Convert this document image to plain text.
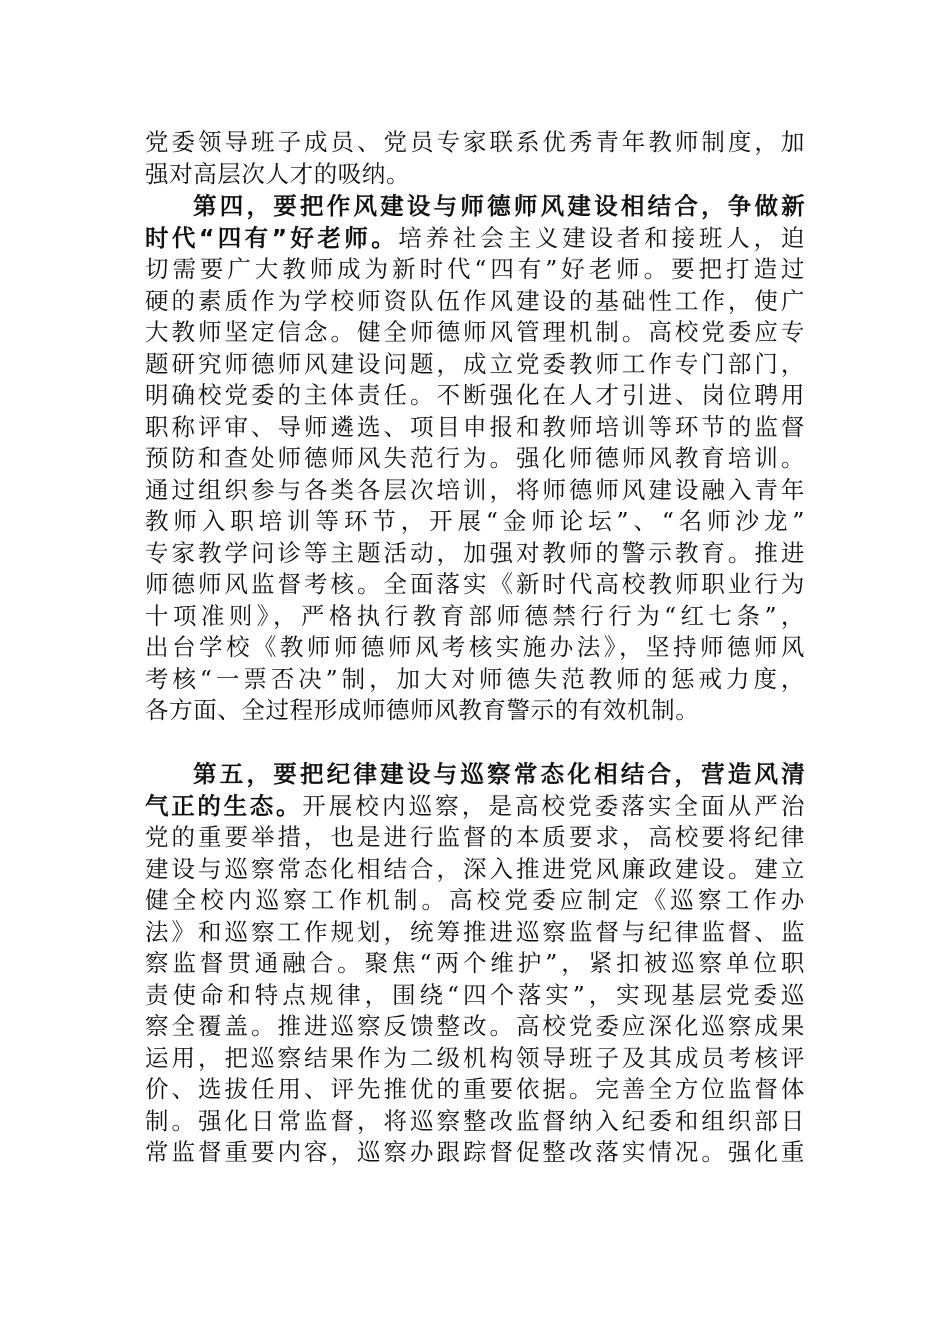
党委领导班子成员、党员专家联系优秀青年教师制度，加
强对高层次人才的吸纳。
第四，要把作风建设与师德师风建设相结合，争做新
时代“四有”好老师。培养社会主义建设者和接班人，迫
切需要广大教师成为新时代“四有”好老师。要把打造过
硬的素质作为学校师资队伍作风建设的基础性工作，使广
大教师坚定信念。健全师德师风管理机制。高校党委应专
题研究师德师风建设问题，成立党委教师工作专门部门，
明确校党委的主体责任。不断强化在人才引进、岗位聘用
职称评审、导师遴选、项目申报和教师培训等环节的监督
预防和查处师德师风失范行为。强化师德师风教育培训。
通过组织参与各类各层次培训，将师德师风建设融入青年
教师入职培训等环节，开展“金师论坛”、“名师沙龙”
专家教学问诊等主题活动，加强对教师的警示教育。推进
师德师风监督考核。全面落实《新时代高校教师职业行为
十项准则》，严格执行教育部师德禁行行为“红七条”，
出台学校《教师师德师风考核实施办法》，坚持师德师风
考核“一票否决”制，加大对师德失范教师的惩戒力度，
各方面、全过程形成师德师风教育警示的有效机制。
第五，要把纪律建设与巡察常态化相结合，营造风清
气正的生态。开展校内巡察，是高校党委落实全面从严治
党的重要举措，也是进行监督的本质要求，高校要将纪律
建设与巡察常态化相结合，深入推进党风廉政建设。建立
健全校内巡察工作机制。高校党委应制定《巡察工作办
法》和巡察工作规划，统筹推进巡察监督与纪律监督、监
察监督贯通融合。聚焦“两个维护”，紧扣被巡察单位职
责使命和特点规律，围绕“四个落实”，实现基层党委巡
察全覆盖。推进巡察反馈整改。高校党委应深化巡察成果
运用，把巡察结果作为二级机构领导班子及其成员考核评
价、选拔任用、评先推优的重要依据。完善全方位监督体
制。强化日常监督，将巡察整改监督纳入纪委和组织部日
常监督重要内容，巡察办跟踪督促整改落实情况。强化重
